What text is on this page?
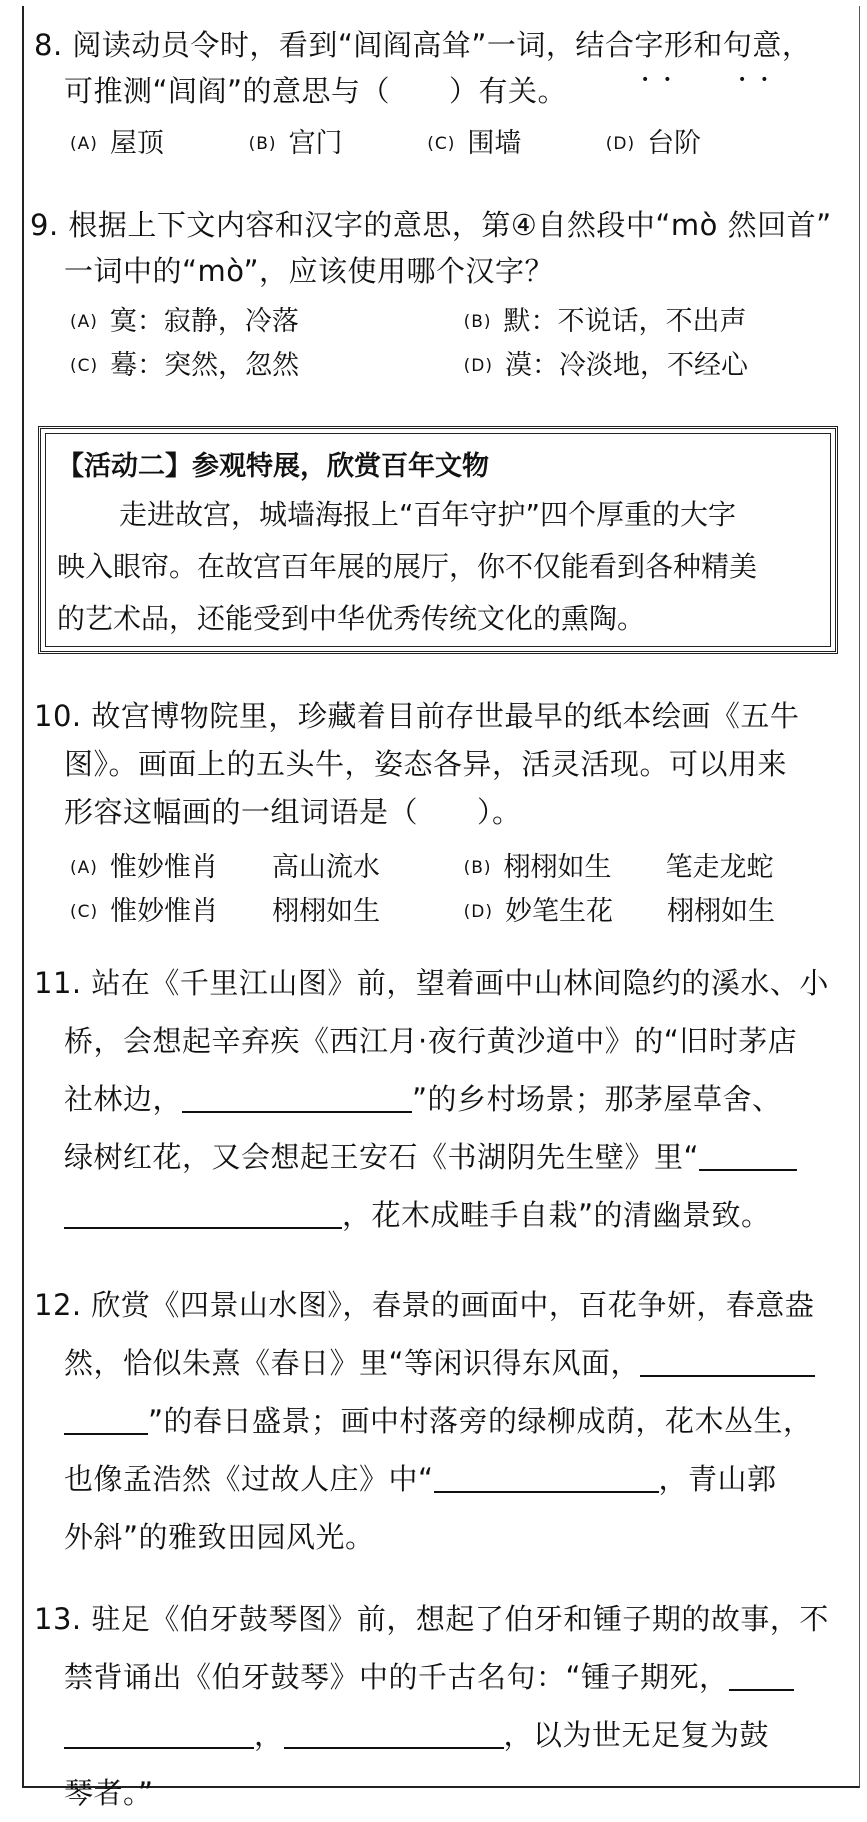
8. 阅读动员令时，看到“闾阎高耸”一词，结合字形和句意，
可推测“闾阎”的意思与（　　）有关。	••	••
(A) 屋顶	(B) 宫门	(C) 围墙	(D) 台阶
9. 根据上下文内容和汉字的意思，第④自然段中“mò 然回首”
一词中的“mò”，应该使用哪个汉字？
(A) 寞：寂静，冷落	(B) 默：不说话，不出声
(C) 蓦：突然，忽然	(D) 漠：冷淡地，不经心
【活动二】参观特展，欣赏百年文物
走进故宫，城墙海报上“百年守护”四个厚重的大字
映入眼帘。在故宫百年展的展厅，你不仅能看到各种精美
的艺术品，还能受到中华优秀传统文化的熏陶。
10. 故宫博物院里，珍藏着目前存世最早的纸本绘画《五牛
图》。画面上的五头牛，姿态各异，活灵活现。可以用来
形容这幅画的一组词语是（　　）。
(A) 惟妙惟肖　　高山流水	(B) 栩栩如生　　笔走龙蛇
(C) 惟妙惟肖　　栩栩如生	(D) 妙笔生花　　栩栩如生
11. 站在《千里江山图》前，望着画中山林间隐约的溪水、小
桥，会想起辛弃疾《西江月·夜行黄沙道中》的“旧时茅店
社林边，	”的乡村场景；那茅屋草舍、
绿树红花，又会想起王安石《书湖阴先生壁》里“
，花木成畦手自栽”的清幽景致。
12. 欣赏《四景山水图》，春景的画面中，百花争妍，春意盎
然，恰似朱熹《春日》里“等闲识得东风面，
”的春日盛景；画中村落旁的绿柳成荫，花木丛生，
也像孟浩然《过故人庄》中“	，青山郭
外斜”的雅致田园风光。
13. 驻足《伯牙鼓琴图》前，想起了伯牙和锺子期的故事，不
禁背诵出《伯牙鼓琴》中的千古名句：“锺子期死，
，	，以为世无足复为鼓
琴者。”
